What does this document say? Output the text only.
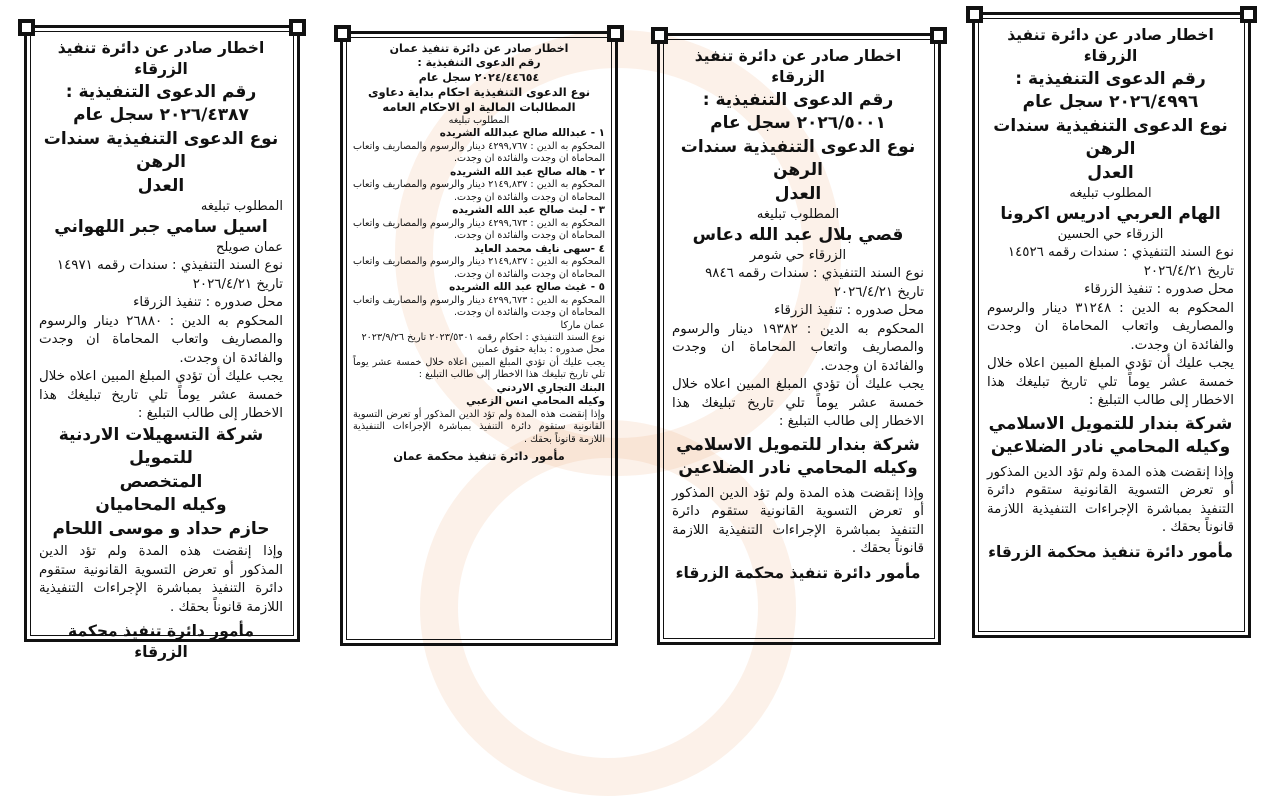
اخطار صادر عن دائرة تنفيذ
الزرقاء
رقم الدعوى التنفيذية :
٢٠٢٦/٤٩٩٦ سجل عام
نوع الدعوى التنفيذية سندات الرهن
العدل
المطلوب تبليغه
الهام العربي ادريس اكرونا
الزرقاء حي الحسين
نوع السند التنفيذي : سندات رقمه ١٤٥٢٦
تاريخ ٢٠٢٦/٤/٢١
محل صدوره : تنفيذ الزرقاء
المحكوم به الدين : ٣١٢٤٨ دينار والرسوم والمصاريف واتعاب المحاماة ان وجدت والفائدة ان وجدت.
يجب عليك أن تؤدي المبلغ المبين اعلاه خلال خمسة عشر يوماً تلي تاريخ تبليغك هذا الاخطار إلى طالب التبليغ :
شركة بندار للتمويل الاسلامي
وكيله المحامي نادر الضلاعين
وإذا إنقضت هذه المدة ولم تؤد الدين المذكور أو تعرض التسوية القانونية ستقوم دائرة التنفيذ بمباشرة الإجراءات التنفيذية اللازمة قانوناً بحقك .
مأمور دائرة تنفيذ محكمة الزرقاء
اخطار صادر عن دائرة تنفيذ
الزرقاء
رقم الدعوى التنفيذية :
٢٠٢٦/٥٠٠١ سجل عام
نوع الدعوى التنفيذية سندات الرهن
العدل
المطلوب تبليغه
قصي بلال عبد الله دعاس
الزرقاء حي شومر
نوع السند التنفيذي : سندات رقمه ٩٨٤٦
تاريخ ٢٠٢٦/٤/٢١
محل صدوره : تنفيذ الزرقاء
المحكوم به الدين : ١٩٣٨٢ دينار والرسوم والمصاريف واتعاب المحاماة ان وجدت والفائدة ان وجدت.
يجب عليك أن تؤدي المبلغ المبين اعلاه خلال خمسة عشر يوماً تلي تاريخ تبليغك هذا الاخطار إلى طالب التبليغ :
شركة بندار للتمويل الاسلامي
وكيله المحامي نادر الضلاعين
وإذا إنقضت هذه المدة ولم تؤد الدين المذكور أو تعرض التسوية القانونية ستقوم دائرة التنفيذ بمباشرة الإجراءات التنفيذية اللازمة قانوناً بحقك .
مأمور دائرة تنفيذ محكمة الزرقاء
اخطار صادر عن دائرة تنفيذ عمان
رقم الدعوى التنفيذية :
٢٠٢٤/٤٤٦٥٤ سجل عام
نوع الدعوى التنفيذية احكام بداية دعاوى المطالبات المالية او الاحكام العامه
المطلوب تبليغه
١ - عبدالله صالح عبدالله الشريده
المحكوم به الدين : ٤٢٩٩,٧٦٧ دينار والرسوم والمصاريف واتعاب المحاماة ان وجدت والفائدة ان وجدت.
٢ - هاله صالح عبد الله الشريده
المحكوم به الدين : ٢١٤٩,٨٣٧ دينار والرسوم والمصاريف واتعاب المحاماة ان وجدت والفائدة ان وجدت.
٣ - ليث صالح عبد الله الشريده
المحكوم به الدين : ٤٢٩٩,٦٧٣ دينار والرسوم والمصاريف واتعاب المحاماة ان وجدت والفائدة ان وجدت.
٤ -سهى نايف محمد العايد
المحكوم به الدين : ٢١٤٩,٨٣٧ دينار والرسوم والمصاريف واتعاب المحاماة ان وجدت والفائدة ان وجدت.
٥ - غيث صالح عبد الله الشريده
المحكوم به الدين : ٤٢٩٩,٦٧٣ دينار والرسوم والمصاريف واتعاب المحاماة ان وجدت والفائدة ان وجدت.
عمان ماركا
نوع السند التنفيذي : احكام رقمه ٢٠٢٣/٥٣٠١ تاريخ ٢٠٢٣/٩/٢٦
محل صدوره : بداية حقوق عمان
يجب عليك أن تؤدي المبلغ المبين اعلاه خلال خمسة عشر يوماً تلي تاريخ تبليغك هذا الاخطار إلى طالب التبليغ :
البنك التجاري الاردني
وكيله المحامي انس الزعبي
وإذا إنقضت هذه المدة ولم تؤد الدين المذكور أو تعرض التسوية القانونية ستقوم دائرة التنفيذ بمباشرة الإجراءات التنفيذية اللازمة قانوناً بحقك .
مأمور دائرة تنفيذ محكمة عمان
اخطار صادر عن دائرة تنفيذ
الزرقاء
رقم الدعوى التنفيذية :
٢٠٢٦/٤٣٨٧ سجل عام
نوع الدعوى التنفيذية سندات الرهن
العدل
المطلوب تبليغه
اسيل سامي جبر اللهواني
عمان صويلح
نوع السند التنفيذي : سندات رقمه ١٤٩٧١
تاريخ ٢٠٢٦/٤/٢١
محل صدوره : تنفيذ الزرقاء
المحكوم به الدين : ٢٦٨٨٠ دينار والرسوم والمصاريف واتعاب المحاماة ان وجدت والفائدة ان وجدت.
يجب عليك أن تؤدي المبلغ المبين اعلاه خلال خمسة عشر يوماً تلي تاريخ تبليغك هذا الاخطار إلى طالب التبليغ :
شركة التسهيلات الاردنية للتمويل
المتخصص
وكيله المحاميان
حازم حداد و موسى اللحام
وإذا إنقضت هذه المدة ولم تؤد الدين المذكور أو تعرض التسوية القانونية ستقوم دائرة التنفيذ بمباشرة الإجراءات التنفيذية اللازمة قانوناً بحقك .
مأمور دائرة تنفيذ محكمة الزرقاء
